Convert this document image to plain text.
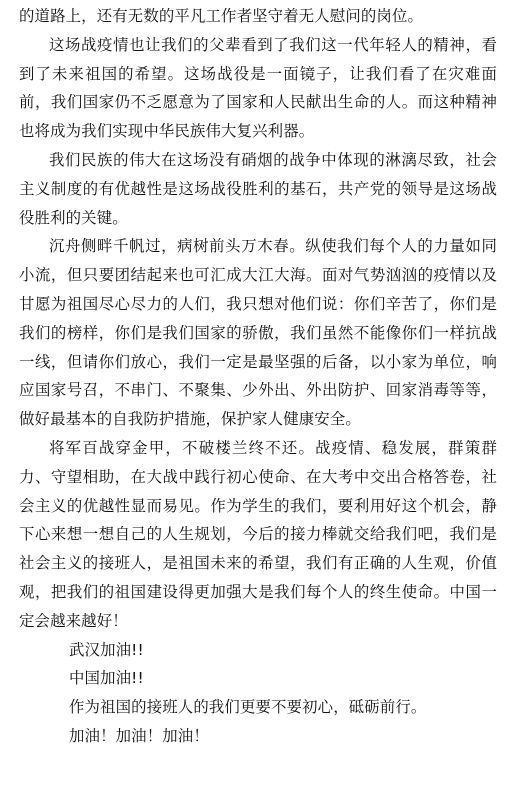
的道路上，还有无数的平凡工作者坚守着无人慰问的岗位。

这场战疫情也让我们的父辈看到了我们这一代年轻人的精神，看到了未来祖国的希望。这场战役是一面镜子，让我们看了在灾难面前，我们国家仍不乏愿意为了国家和人民献出生命的人。而这种精神也将成为我们实现中华民族伟大复兴利器。

我们民族的伟大在这场没有硝烟的战争中体现的淋漓尽致，社会主义制度的有优越性是这场战役胜利的基石，共产党的领导是这场战役胜利的关键。

沉舟侧畔千帆过，病树前头万木春。纵使我们每个人的力量如同小流，但只要团结起来也可汇成大江大海。面对气势汹汹的疫情以及甘愿为祖国尽心尽力的人们，我只想对他们说：你们辛苦了，你们是我们的榜样，你们是我们国家的骄傲，我们虽然不能像你们一样抗战一线，但请你们放心，我们一定是最坚强的后备，以小家为单位，响应国家号召，不串门、不聚集、少外出、外出防护、回家消毒等等，做好最基本的自我防护措施，保护家人健康安全。

将军百战穿金甲，不破楼兰终不还。战疫情、稳发展，群策群力、守望相助，在大战中践行初心使命、在大考中交出合格答卷，社会主义的优越性显而易见。作为学生的我们，要利用好这个机会，静下心来想一想自己的人生规划，今后的接力棒就交给我们吧，我们是社会主义的接班人，是祖国未来的希望，我们有正确的人生观，价值观，把我们的祖国建设得更加强大是我们每个人的终生使命。中国一定会越来越好！

武汉加油!!

中国加油!!

作为祖国的接班人的我们更要不要初心，砥砺前行。

加油！加油！加油！
